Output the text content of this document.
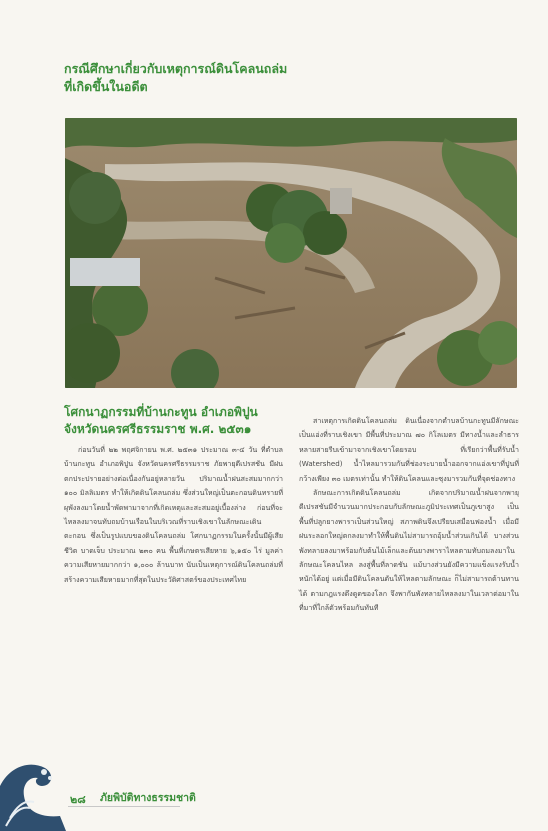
กรณีศึกษาเกี่ยวกับเหตุการณ์ดินโคลนถล่ม
ที่เกิดขึ้นในอดีต
โศกนาฏกรรมที่บ้านกะทูน อำเภอพิปูน
จังหวัดนครศรีธรรมราช พ.ศ. ๒๕๓๑

ก่อนวันที่ ๒๒ พฤศจิกายน พ.ศ. ๒๕๓๑ ประมาณ ๓-๔ วัน ที่ตำบลบ้านกะทูน อำเภอพิปูน จังหวัดนครศรีธรรมราช ภัยพายุดีเปรสชัน มีฝนตกประปรายอย่างต่อเนื่องกันอยู่หลายวัน ปริมาณน้ำฝนสะสมมากกว่า ๑๐๐ มิลลิเมตร ทำให้เกิดดินโคลนถล่ม ซึ่งส่วนใหญ่เป็นตะกอนดินทรายที่ผุพังลงมาโดยน้ำพัดพามาจากที่เกิดเหตุและสะสมอยู่เบื้องล่าง ก่อนที่จะไหลลงมาจนทับถมบ้านเรือนในบริเวณที่ราบเชิงเขาในลักษณะเดินตะกอน ซึ่งเป็นรูปแบบของดินโคลนถล่ม โศกนาฏกรรมในครั้งนั้นมีผู้เสียชีวิต บาดเจ็บ ประมาณ ๒๓๐ คน พื้นที่เกษตรเสียหาย ๖,๑๕๐ ไร่ มูลค่าความเสียหายมากกว่า ๑,๐๐๐ ล้านบาท นับเป็นเหตุการณ์ดินโคลนถล่มที่สร้างความเสียหายมากที่สุดในประวัติศาสตร์ของประเทศไทย

สาเหตุการเกิดดินโคลนถล่ม ดินเนื่องจากตำบลบ้านกะทูนมีลักษณะเป็นแอ่งที่ราบเชิงเขา มีพื้นที่ประมาณ ๗๐ กิโลเมตร มีทางน้ำและลำธารหลายสายรีบเข้ามาจากเชิงเขาโดยรอบ ที่เรียกว่าพื้นที่รับน้ำ (Watershed) น้ำไหลมารวมกันที่ช่องระบายน้ำออกจากแอ่งเขาที่ปูนที่กว้างเพียง ๓๐ เมตรเท่านั้น ทำให้ดินโคลนและซุงมารวมกันที่จุดช่องทาง

ลักษณะการเกิดดินโคลนถล่ม เกิดจากปริมาณน้ำฝนจากพายุดีเปรสชันมีจำนวนมากประกอบกับลักษณะภูมิประเทศเป็นภูเขาสูง เป็นพื้นที่ปลูกยางพาราเป็นส่วนใหญ่ สภาพดินจึงเปรียบเสมือนฟองน้ำ เมื่อมีฝนระลอกใหญ่ตกลงมาทำให้พื้นดินไม่สามารถอุ้มน้ำส่วนเกินได้ บางส่วนพังทลายลงมาพร้อมกับต้นไม้เล็กและต้นยางพาราไหลตามทับถมลงมาในลักษณะโคลนไหล ลงสู่พื้นที่ลาดชัน แม้บางส่วนยังมีความแข็งแรงรับน้ำหนักได้อยู่ แต่เมื่อมีดินโคลนดันให้ไหลตามลักษณะ ก็ไม่สามารถต้านทานได้ ตามกฎแรงดึงดูดของโลก จึงพากันพังทลายไหลลงมาในเวลาต่อมาในที่มาที่ใกล้ตัวพร้อมกันทันที

๒๘ ภัยพิบัติทางธรรมชาติ
